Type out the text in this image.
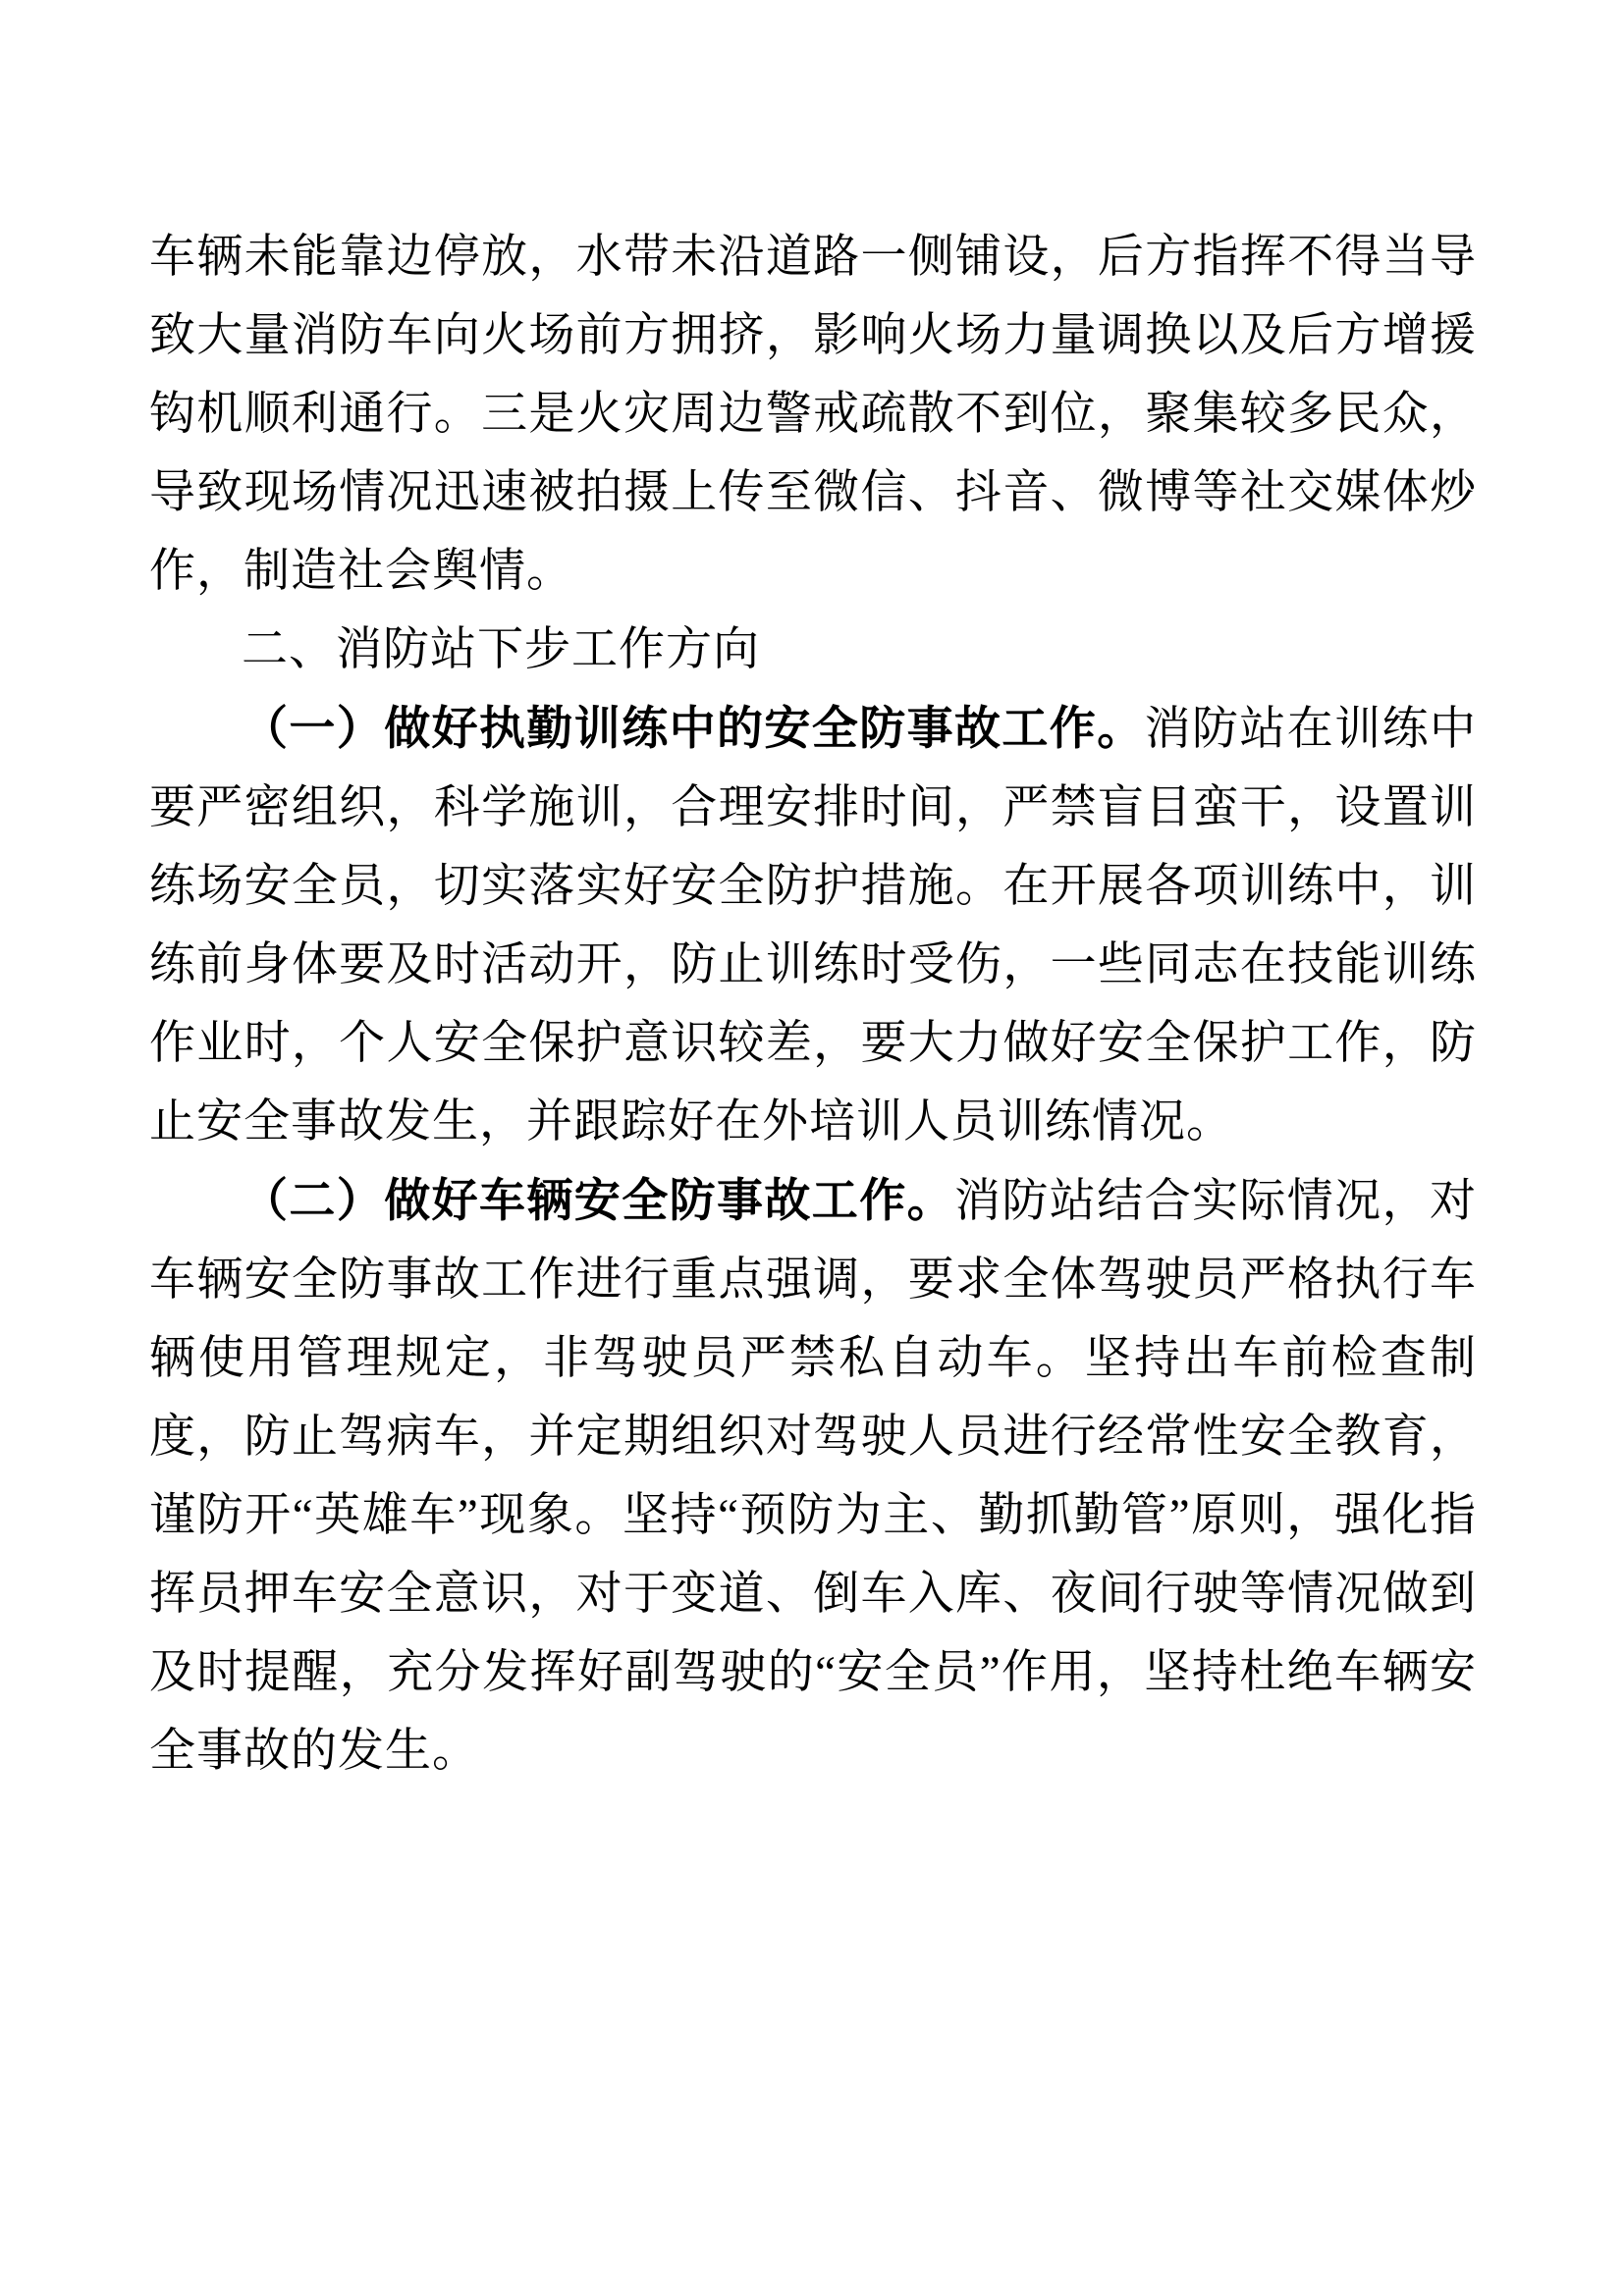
车辆未能靠边停放，水带未沿道路一侧铺设，后方指挥不得当导致大量消防车向火场前方拥挤，影响火场力量调换以及后方增援钩机顺利通行。三是火灾周边警戒疏散不到位，聚集较多民众，导致现场情况迅速被拍摄上传至微信、抖音、微博等社交媒体炒作，制造社会舆情。

二、消防站下步工作方向

（一）做好执勤训练中的安全防事故工作。消防站在训练中要严密组织，科学施训，合理安排时间，严禁盲目蛮干，设置训练场安全员，切实落实好安全防护措施。在开展各项训练中，训练前身体要及时活动开，防止训练时受伤，一些同志在技能训练作业时，个人安全保护意识较差，要大力做好安全保护工作，防止安全事故发生，并跟踪好在外培训人员训练情况。

（二）做好车辆安全防事故工作。消防站结合实际情况，对车辆安全防事故工作进行重点强调，要求全体驾驶员严格执行车辆使用管理规定，非驾驶员严禁私自动车。坚持出车前检查制度，防止驾病车，并定期组织对驾驶人员进行经常性安全教育，谨防开“英雄车”现象。坚持“预防为主、勤抓勤管”原则，强化指挥员押车安全意识，对于变道、倒车入库、夜间行驶等情况做到及时提醒，充分发挥好副驾驶的“安全员”作用，坚持杜绝车辆安全事故的发生。
